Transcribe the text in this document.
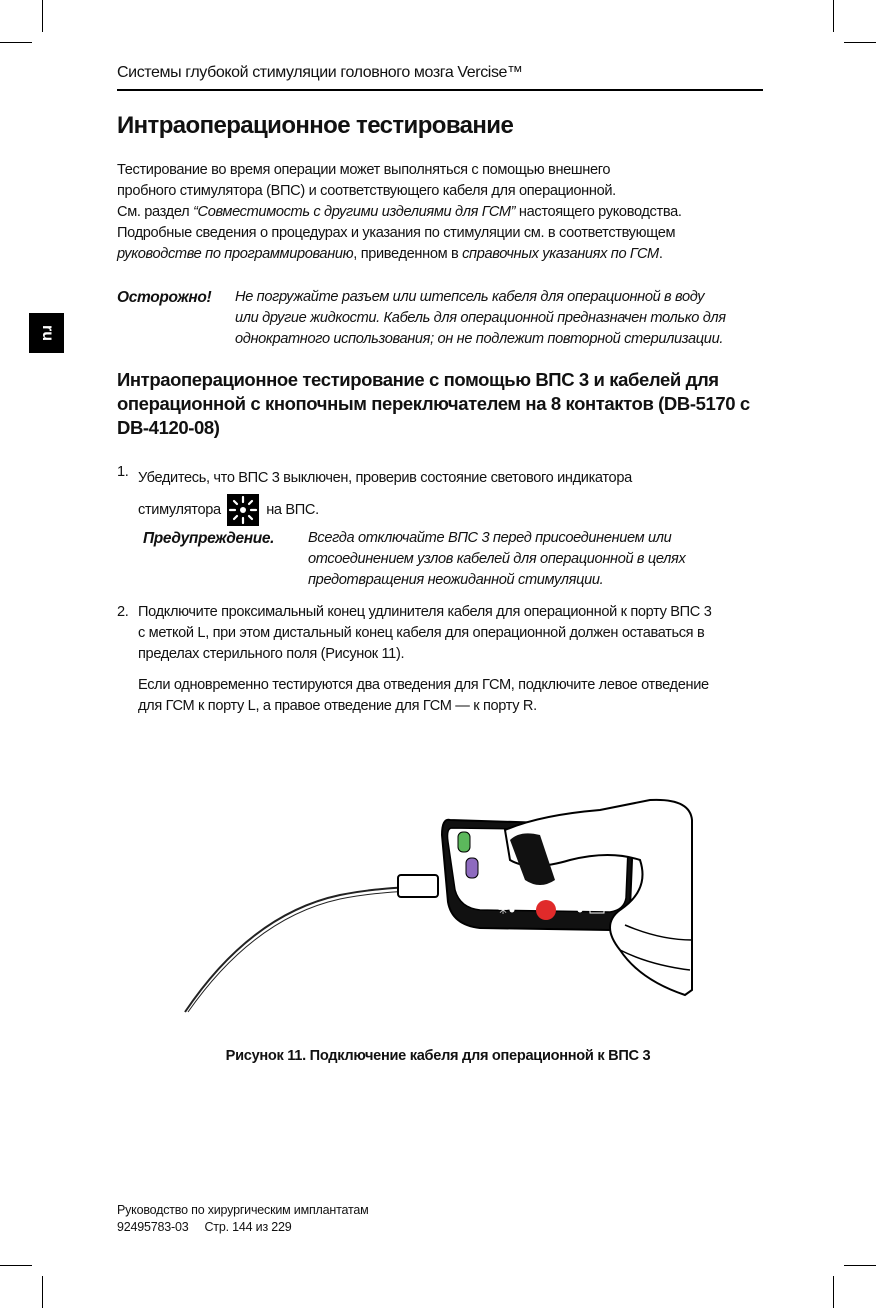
Системы глубокой стимуляции головного мозга Vercise™
ru
Интраоперационное тестирование
Тестирование во время операции может выполняться с помощью внешнего
пробного стимулятора (ВПС) и соответствующего кабеля для операционной.
См. раздел “Совместимость с другими изделиями для ГСМ” настоящего руководства.
Подробные сведения о процедурах и указания по стимуляции см. в соответствующем
руководстве по программированию, приведенном в справочных указаниях по ГСМ.
Осторожно! Не погружайте разъем или штепсель кабеля для операционной в воду
или другие жидкости. Кабель для операционной предназначен только для
однократного использования; он не подлежит повторной стерилизации.
Интраоперационное тестирование с помощью ВПС 3 и кабелей для операционной с кнопочным переключателем на 8 контактов (DB-5170 с DB-4120-08)
1. Убедитесь, что ВПС 3 выключен, проверив состояние светового индикатора
стимулятора	на ВПС.
Предупреждение. Всегда отключайте ВПС 3 перед присоединением или
отсоединением узлов кабелей для операционной в целях
предотвращения неожиданной стимуляции.
2. Подключите проксимальный конец удлинителя кабеля для операционной к порту ВПС 3
с меткой L, при этом дистальный конец кабеля для операционной должен оставаться в
пределах стерильного поля (Рисунок 11).
Если одновременно тестируются два отведения для ГСМ, подключите левое отведение
для ГСМ к порту L, а правое отведение для ГСМ — к порту R.
✳
Рисунок 11. Подключение кабеля для операционной к ВПС 3
Руководство по хирургическим имплантатам
92495783-03 Стр. 144 из 229
